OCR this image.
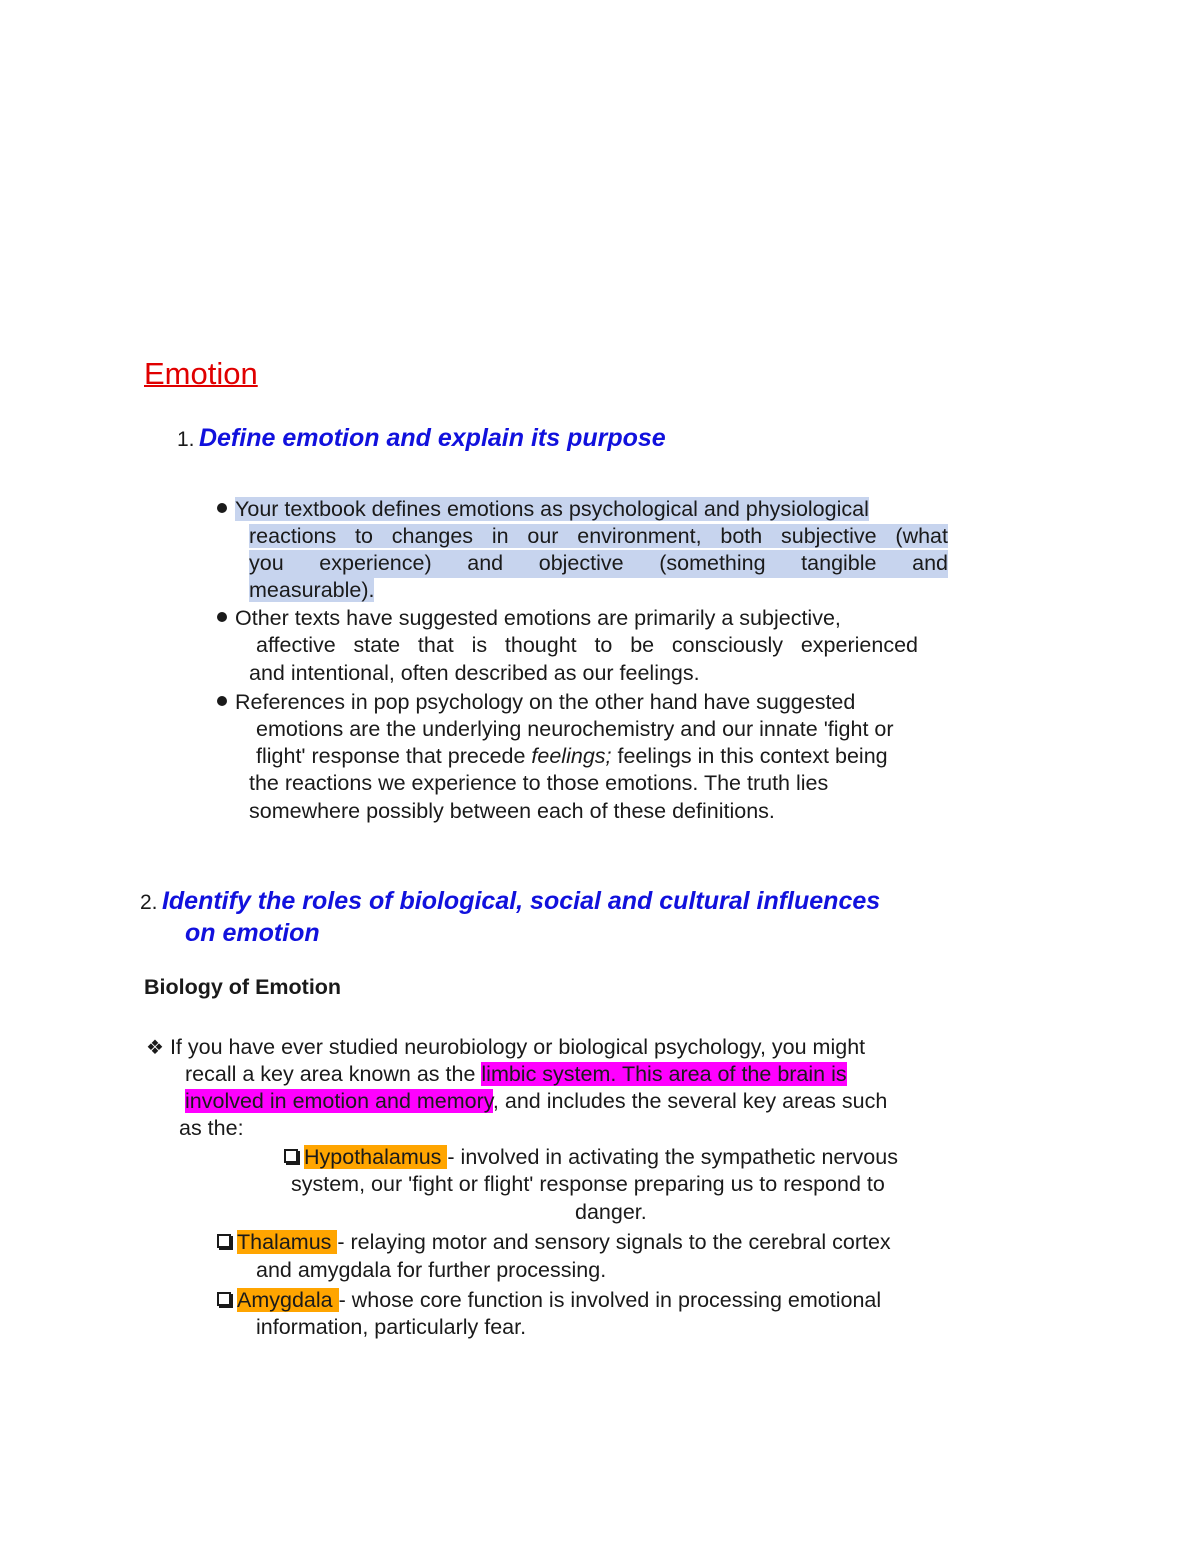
Emotion
1. Define emotion and explain its purpose
Your textbook defines emotions as psychological and physiological
reactions to changes in our environment, both subjective (what
you experience) and objective (something tangible and
measurable).
Other texts have suggested emotions are primarily a subjective,
affective state that is thought to be consciously experienced
and intentional, often described as our feelings.
References in pop psychology on the other hand have suggested
emotions are the underlying neurochemistry and our innate 'fight or
flight' response that precede feelings; feelings in this context being
the reactions we experience to those emotions. The truth lies
somewhere possibly between each of these definitions.
2. Identify the roles of biological, social and cultural influences
on emotion
Biology of Emotion
❖ If you have ever studied neurobiology or biological psychology, you might
recall a key area known as the limbic system. This area of the brain is
involved in emotion and memory, and includes the several key areas such
as the:
Hypothalamus - involved in activating the sympathetic nervous
system, our 'fight or flight' response preparing us to respond to
danger.
Thalamus - relaying motor and sensory signals to the cerebral cortex
and amygdala for further processing.
Amygdala - whose core function is involved in processing emotional
information, particularly fear.
